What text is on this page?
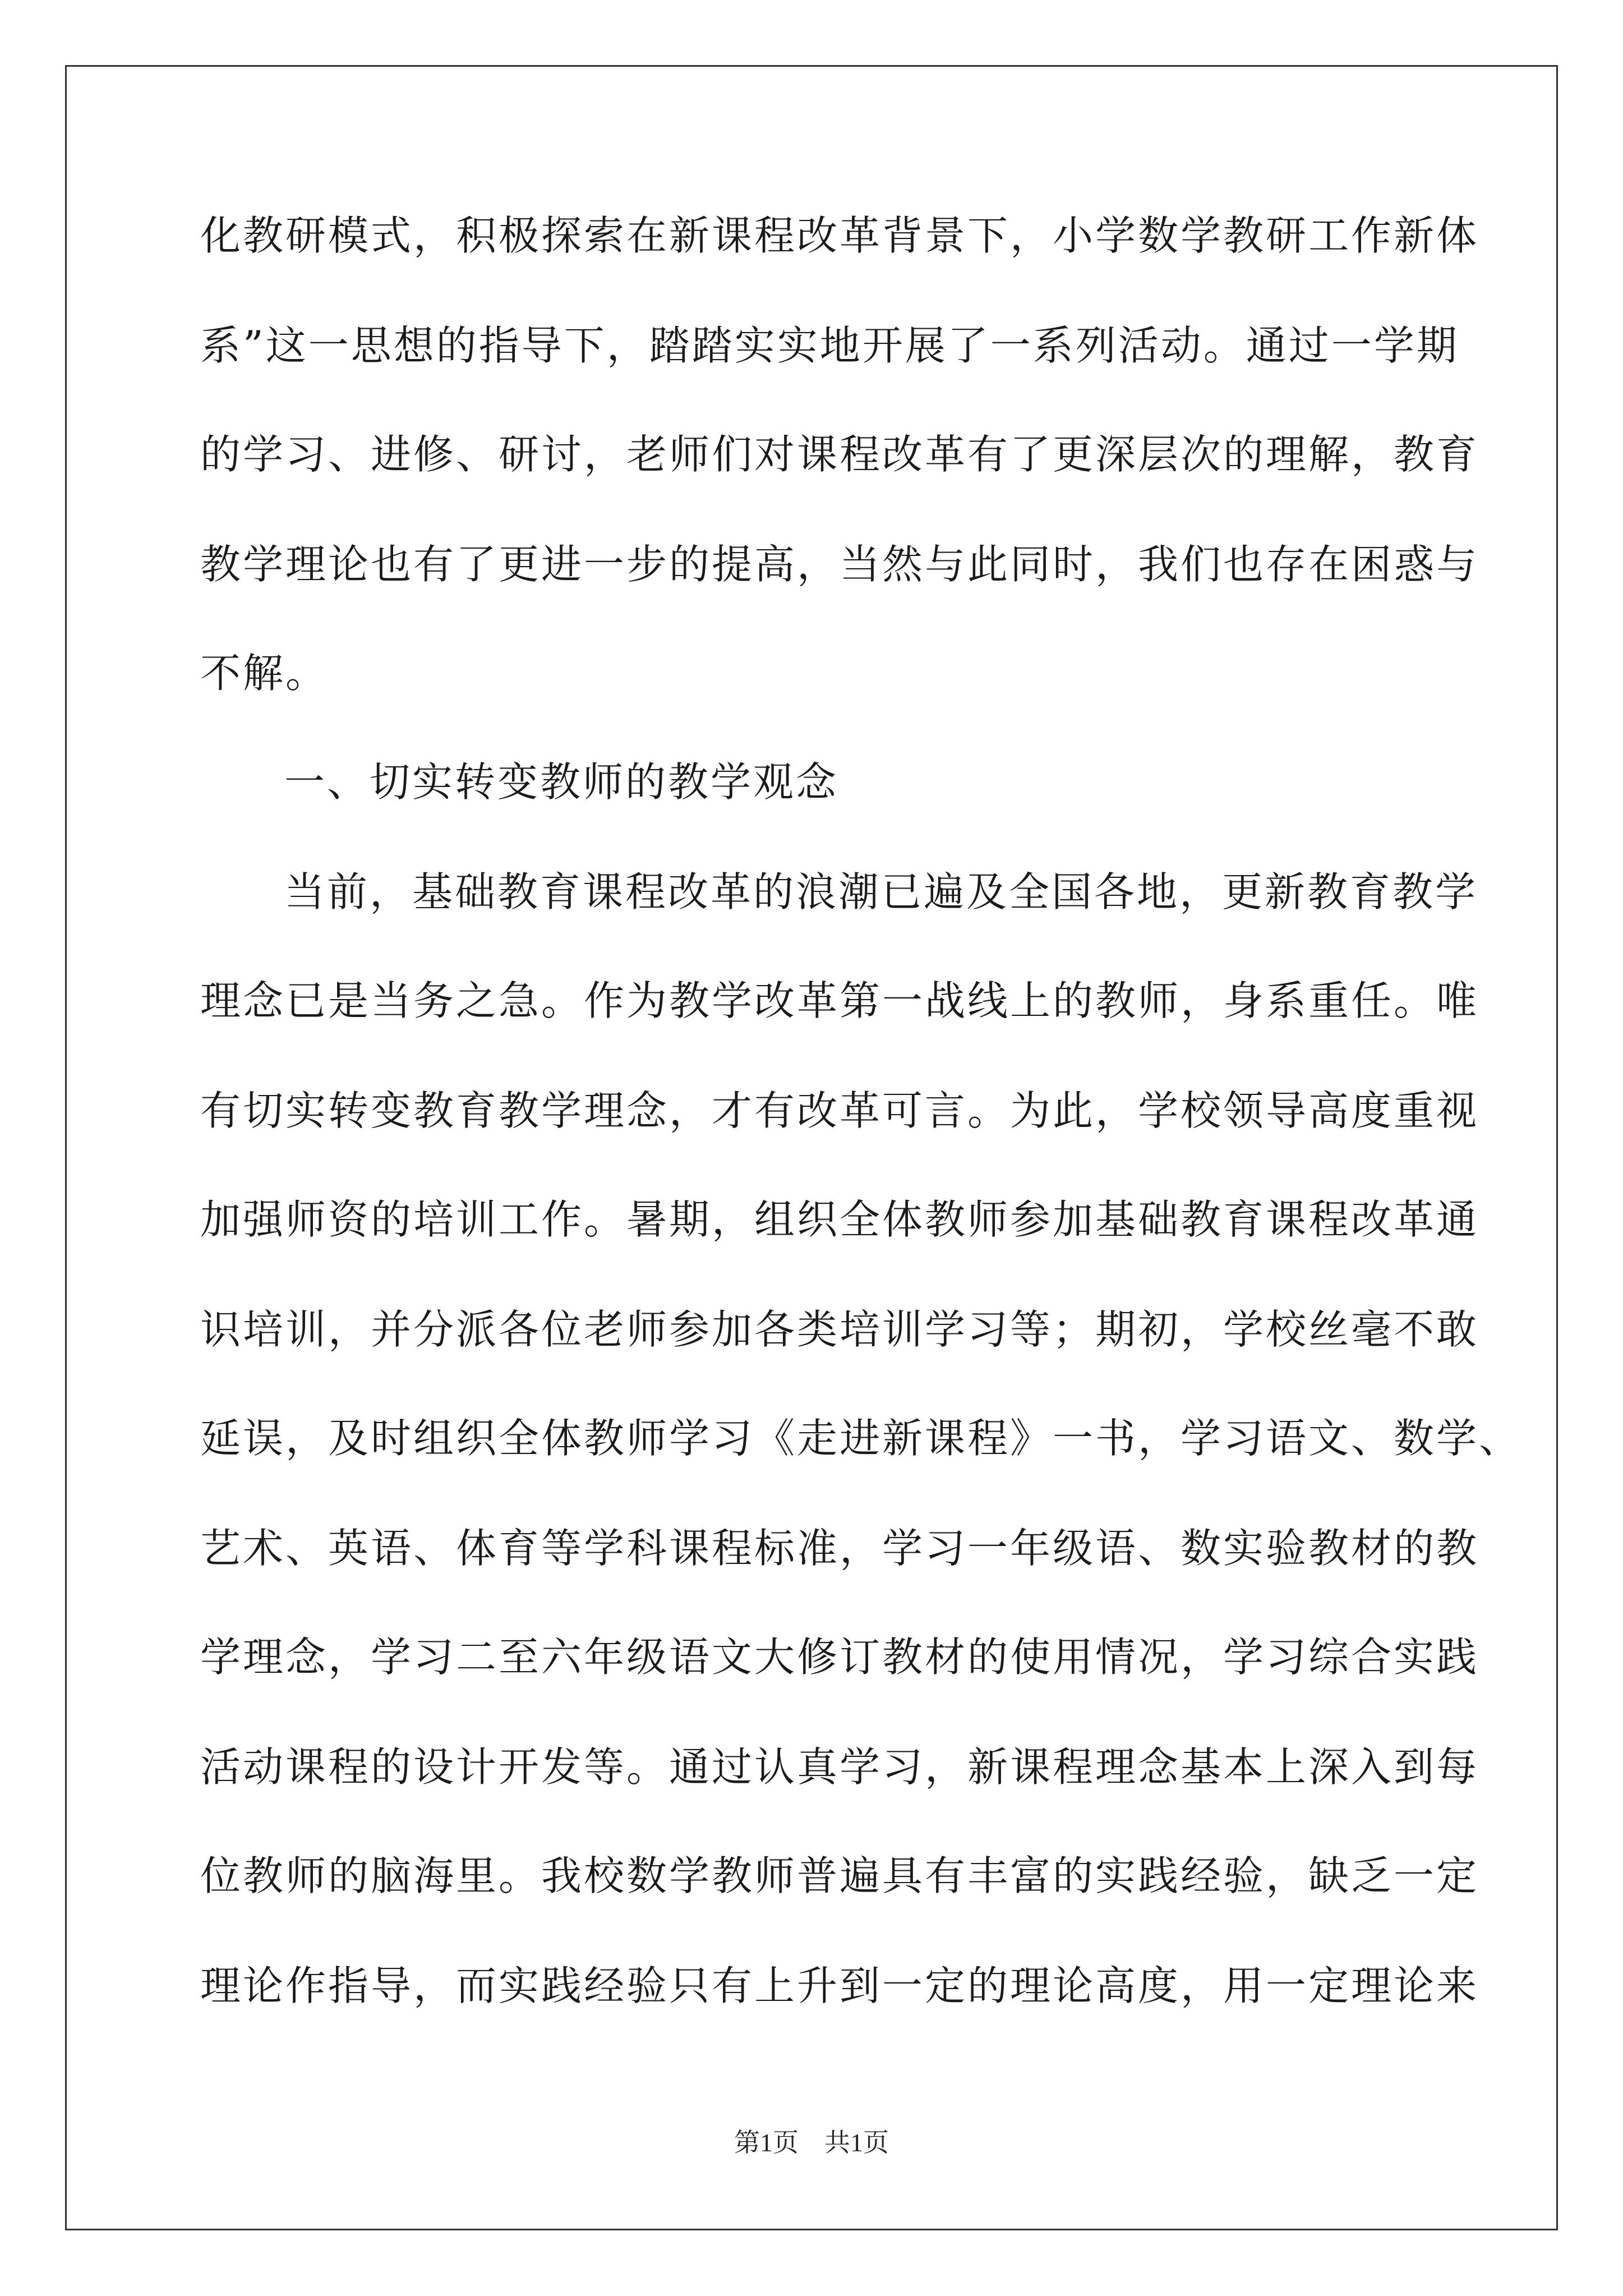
化教研模式，积极探索在新课程改革背景下，小学数学教研工作新体
系”这一思想的指导下，踏踏实实地开展了一系列活动。通过一学期
的学习、进修、研讨，老师们对课程改革有了更深层次的理解，教育
教学理论也有了更进一步的提高，当然与此同时，我们也存在困惑与
不解。
一、切实转变教师的教学观念
当前，基础教育课程改革的浪潮已遍及全国各地，更新教育教学
理念已是当务之急。作为教学改革第一战线上的教师，身系重任。唯
有切实转变教育教学理念，才有改革可言。为此，学校领导高度重视
加强师资的培训工作。暑期，组织全体教师参加基础教育课程改革通
识培训，并分派各位老师参加各类培训学习等；期初，学校丝毫不敢
延误，及时组织全体教师学习《走进新课程》一书，学习语文、数学、
艺术、英语、体育等学科课程标准，学习一年级语、数实验教材的教
学理念，学习二至六年级语文大修订教材的使用情况，学习综合实践
活动课程的设计开发等。通过认真学习，新课程理念基本上深入到每
位教师的脑海里。我校数学教师普遍具有丰富的实践经验，缺乏一定
理论作指导，而实践经验只有上升到一定的理论高度，用一定理论来
第1页 共1页
